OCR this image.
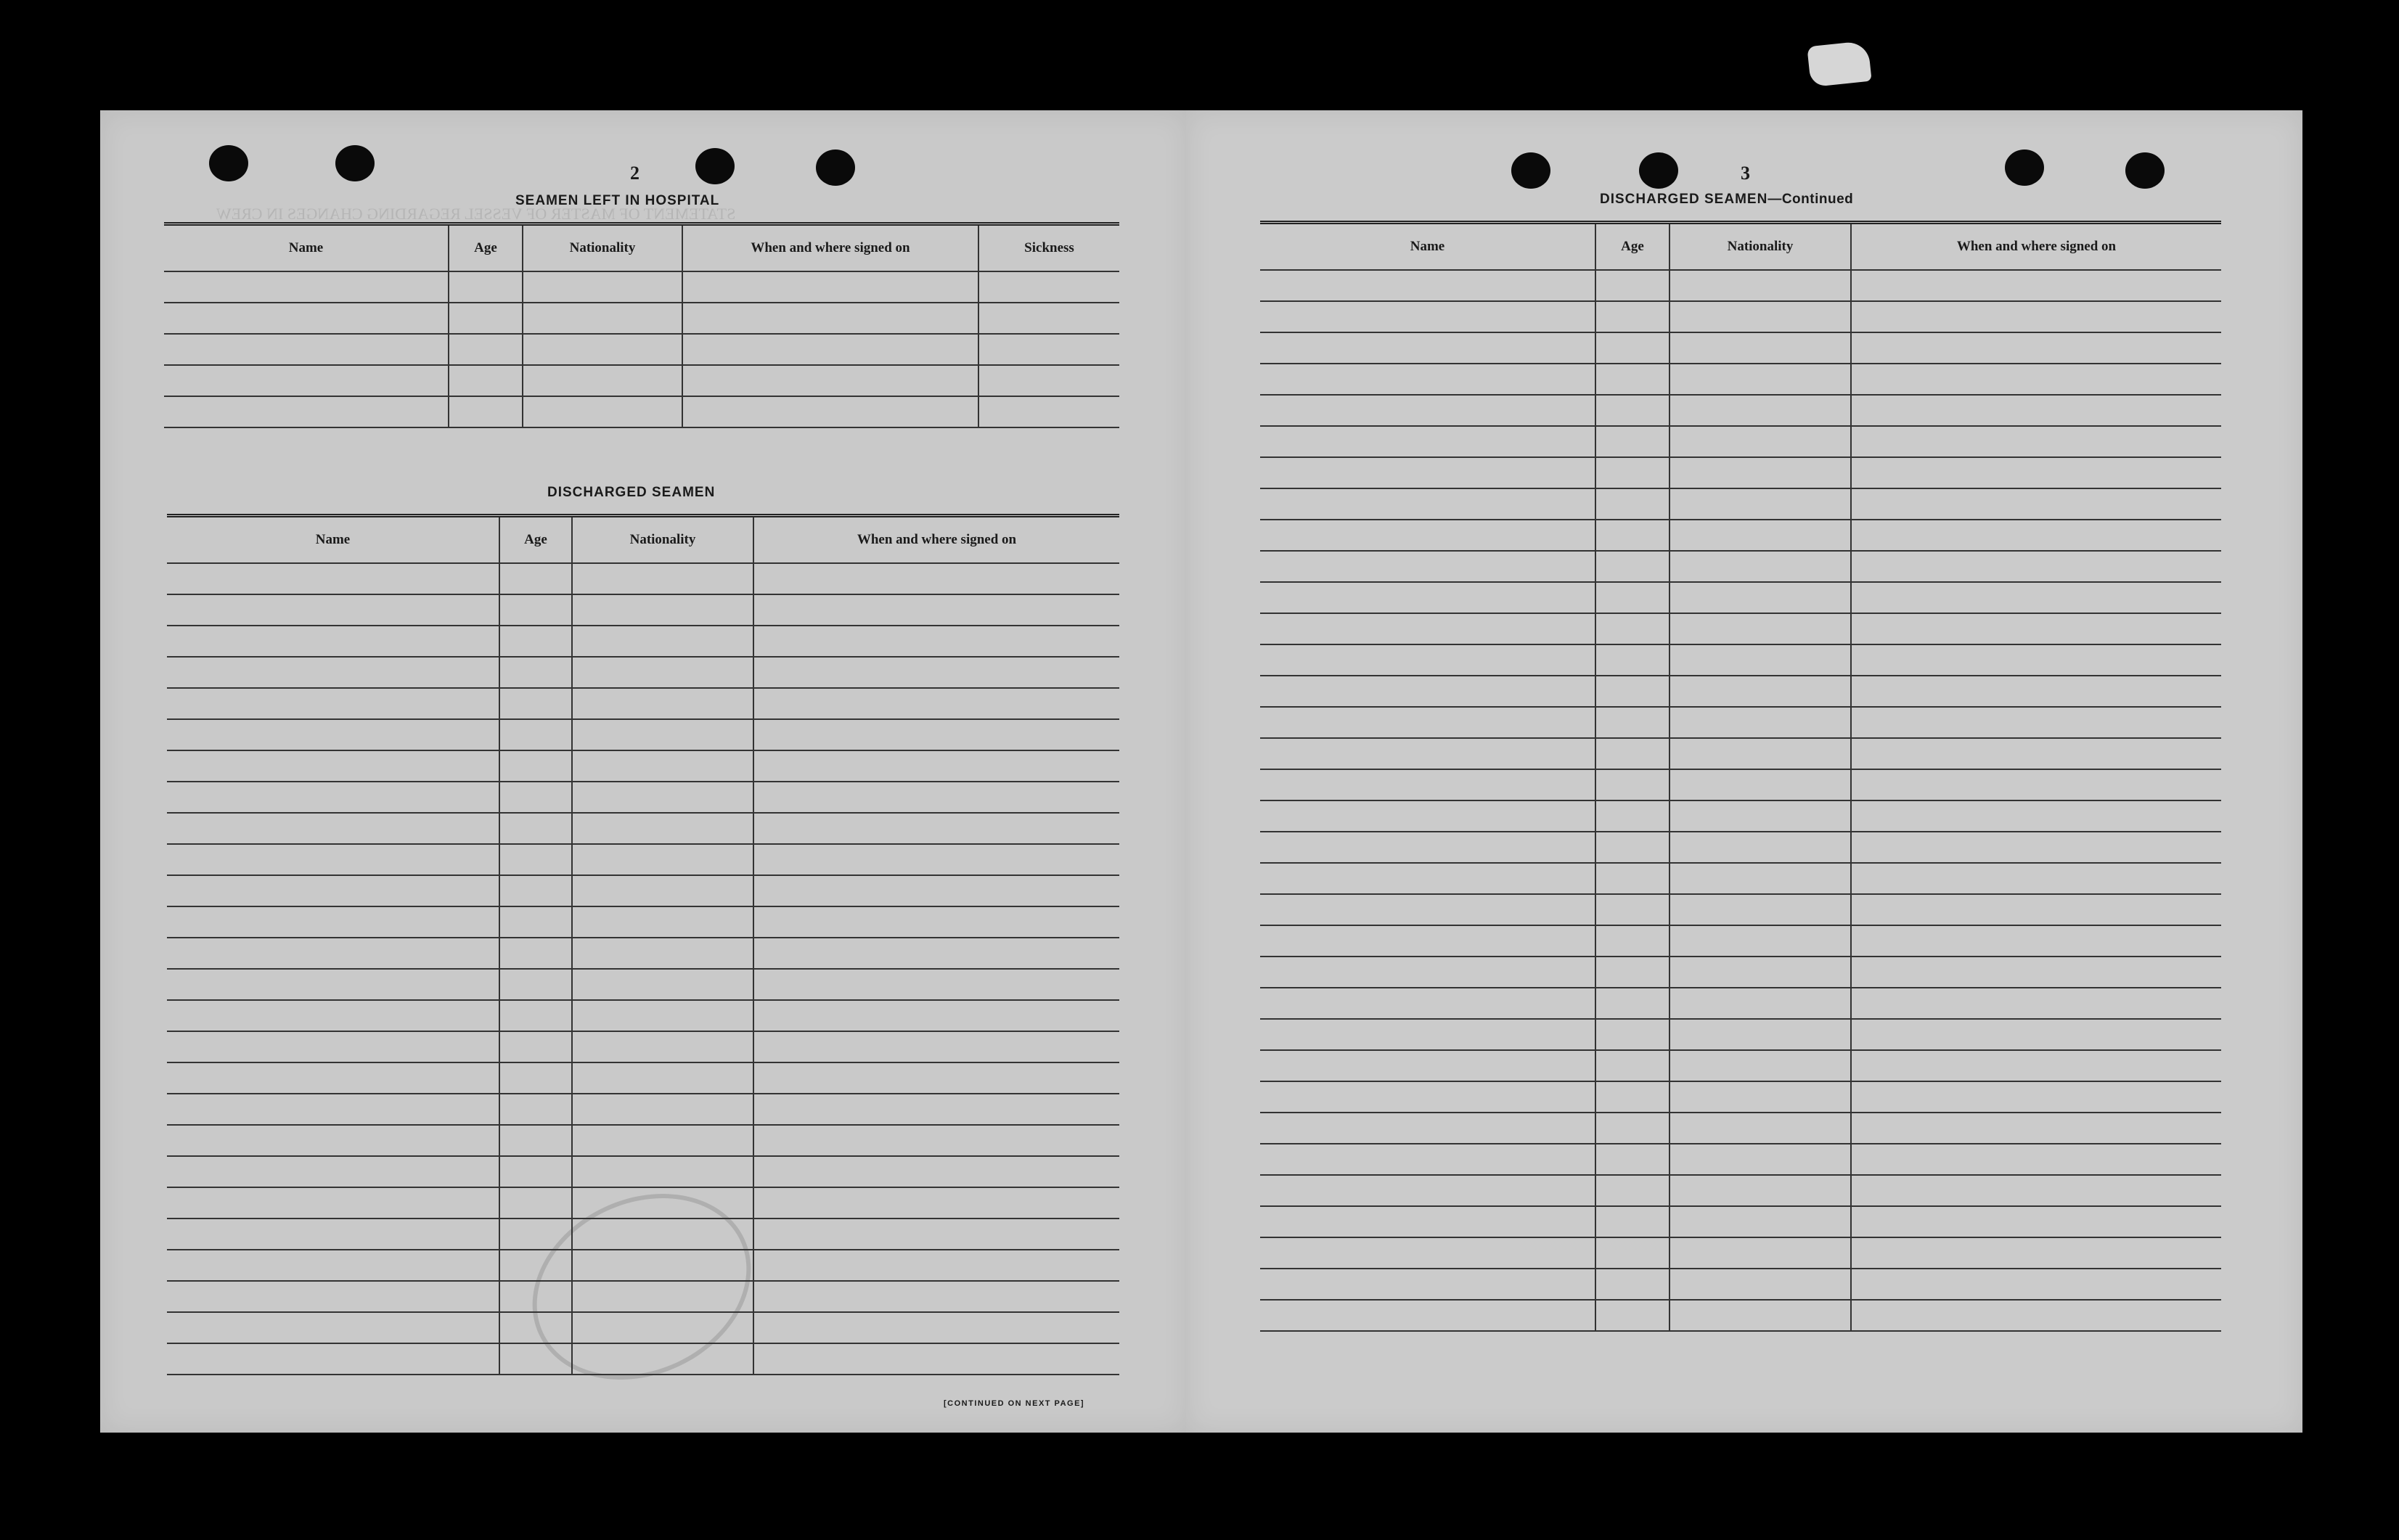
STATEMENT OF MASTER OF VESSEL REGARDING CHANGES IN CREW
2
SEAMEN LEFT IN HOSPITAL
Name	Age	Nationality	When and where signed on	Sickness

DISCHARGED SEAMEN
Name	Age	Nationality	When and where signed on

[CONTINUED ON NEXT PAGE]
3
DISCHARGED SEAMEN—Continued
Name	Age	Nationality	When and where signed on
